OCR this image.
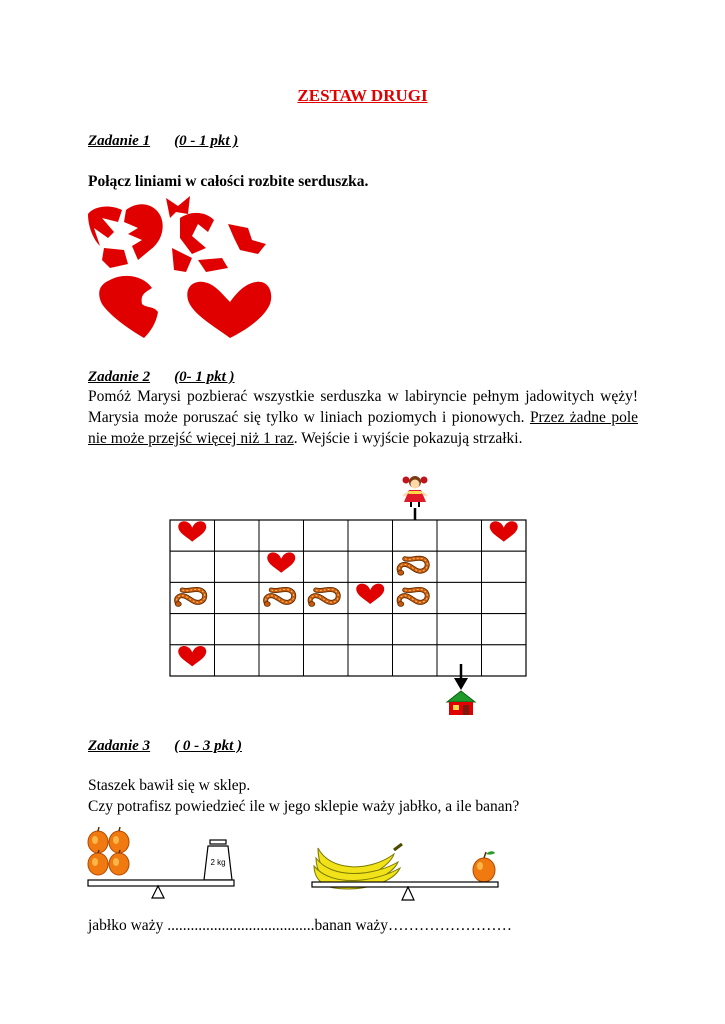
ZESTAW DRUGI
Zadanie 1 (0 - 1 pkt )
Połącz liniami w całości rozbite serduszka.
Zadanie 2 (0- 1 pkt )
Pomóż Marysi pozbierać wszystkie serduszka w labiryncie pełnym jadowitych węży! Marysia może poruszać się tylko w liniach poziomych i pionowych. Przez żadne pole nie może przejść więcej niż 1 raz. Wejście i wyjście pokazują strzałki.
Zadanie 3 ( 0 - 3 pkt )
Staszek bawił się w sklep.
Czy potrafisz powiedzieć ile w jego sklepie waży jabłko, a ile banan?
2 kg
jabłko waży ......................................banan waży……………………
